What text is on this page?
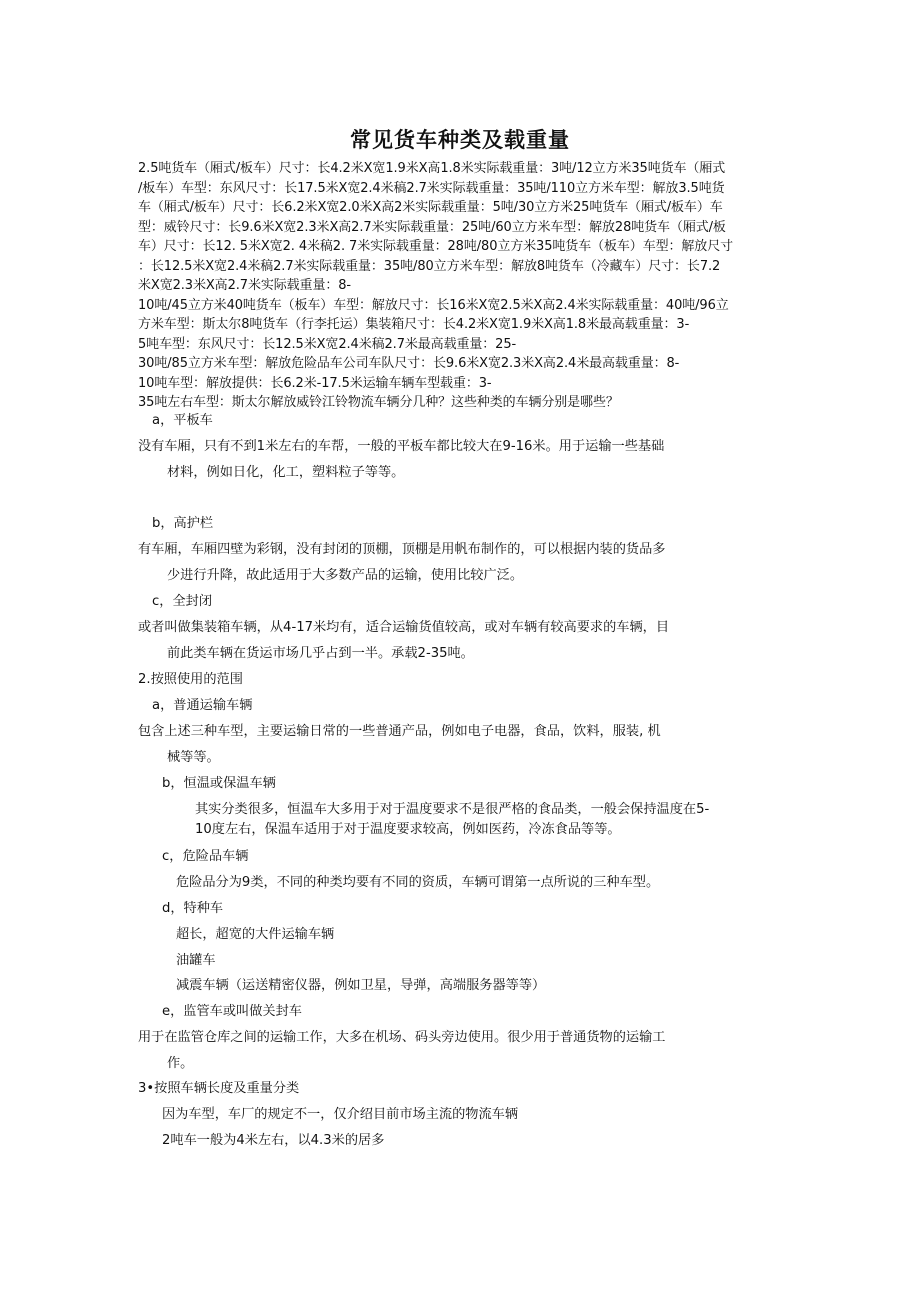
常见货车种类及载重量
2.5吨货车（厢式/板车）尺寸：长4.2米X宽1.9米X高1.8米实际载重量：3吨/12立方米35吨货车（厢式
/板车）车型：东风尺寸：长17.5米X宽2.4米稿2.7米实际载重量：35吨/110立方米车型：解放3.5吨货
车（厢式/板车）尺寸：长6.2米X宽2.0米X高2米实际载重量：5吨/30立方米25吨货车（厢式/板车）车
型：威铃尺寸：长9.6米X宽2.3米X高2.7米实际载重量：25吨/60立方米车型：解放28吨货车（厢式/板
车）尺寸：长12. 5米X宽2. 4米稿2. 7米实际载重量：28吨/80立方米35吨货车（板车）车型：解放尺寸
：长12.5米X宽2.4米稿2.7米实际载重量：35吨/80立方米车型：解放8吨货车（冷藏车）尺寸：长7.2
米X宽2.3米X高2.7米实际载重量：8-
10吨/45立方米40吨货车（板车）车型：解放尺寸：长16米X宽2.5米X高2.4米实际载重量：40吨/96立
方米车型：斯太尔8吨货车（行李托运）集装箱尺寸：长4.2米X宽1.9米X高1.8米最高载重量：3-
5吨车型：东风尺寸：长12.5米X宽2.4米稿2.7米最高载重量：25-
30吨/85立方米车型：解放危险品车公司车队尺寸：长9.6米X宽2.3米X高2.4米最高载重量：8-
10吨车型：解放提供：长6.2米-17.5米运输车辆车型载重：3-
35吨左右车型：斯太尔解放威铃江铃物流车辆分几种？这些种类的车辆分别是哪些？
a，平板车
没有车厢，只有不到1米左右的车帮，一般的平板车都比较大在9-16米。用于运输一些基础
材料，例如日化，化工，塑料粒子等等。
b，高护栏
有车厢，车厢四壁为彩钢，没有封闭的顶棚，顶棚是用帆布制作的，可以根据内装的货品多
少进行升降，故此适用于大多数产品的运输，使用比较广泛。
c，全封闭
或者叫做集装箱车辆，从4-17米均有，适合运输货值较高，或对车辆有较高要求的车辆，目
前此类车辆在货运市场几乎占到一半。承载2-35吨。
2.按照使用的范围
a，普通运输车辆
包含上述三种车型，主要运输日常的一些普通产品，例如电子电器，食品，饮料，服装, 机
械等等。
b，恒温或保温车辆
其实分类很多，恒温车大多用于对于温度要求不是很严格的食品类，一般会保持温度在5-
10度左右，保温车适用于对于温度要求较高，例如医药，冷冻食品等等。
c，危险品车辆
危险品分为9类，不同的种类均要有不同的资质，车辆可谓第一点所说的三种车型。
d，特种车
超长，超宽的大件运输车辆
油罐车
减震车辆（运送精密仪器，例如卫星，导弹，高端服务器等等）
e，监管车或叫做关封车
用于在监管仓库之间的运输工作，大多在机场、码头旁边使用。很少用于普通货物的运输工
作。
3•按照车辆长度及重量分类
因为车型，车厂的规定不一，仅介绍目前市场主流的物流车辆
2吨车一般为4米左右，以4.3米的居多
